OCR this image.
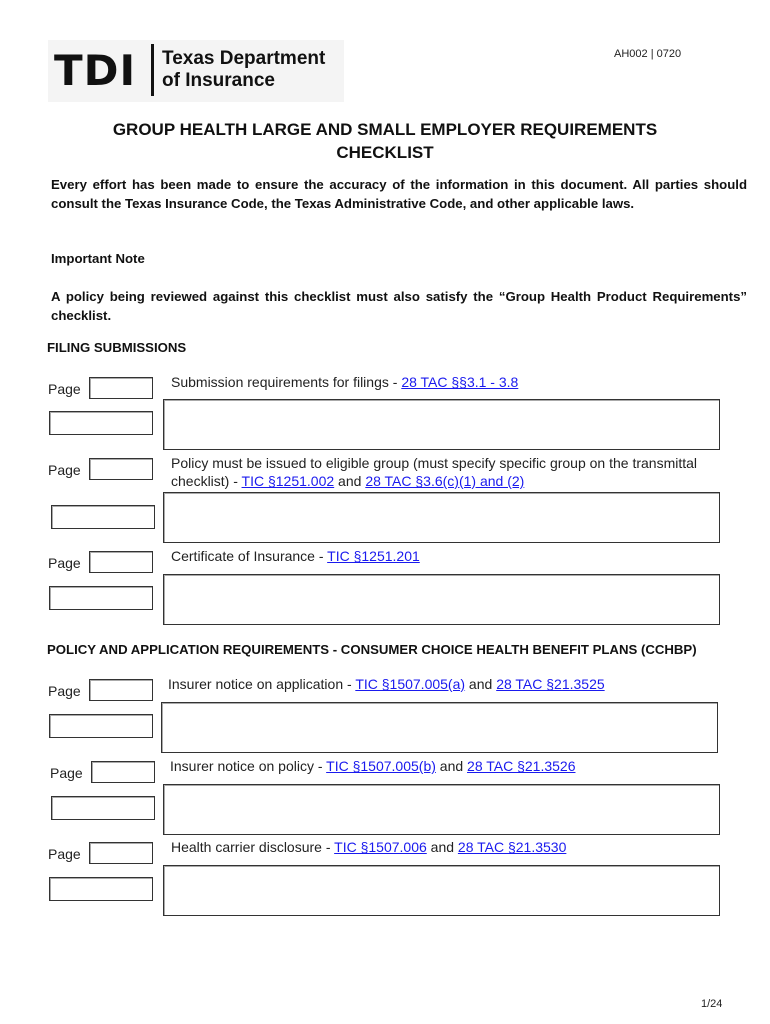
TDI Texas Department
of Insurance
AH002 | 0720
GROUP HEALTH LARGE AND SMALL EMPLOYER REQUIREMENTS
CHECKLIST
Every effort has been made to ensure the accuracy of the information in this document. All parties should consult the Texas Insurance Code, the Texas Administrative Code, and other applicable laws.
Important Note
A policy being reviewed against this checklist must also satisfy the “Group Health Product Requirements” checklist.
FILING SUBMISSIONS
Page	Submission requirements for filings - 28 TAC §§3.1 - 3.8
Page	Policy must be issued to eligible group (must specify specific group on the transmittal checklist) - TIC §1251.002 and 28 TAC §3.6(c)(1) and (2)
Page	Certificate of Insurance - TIC §1251.201
POLICY AND APPLICATION REQUIREMENTS - CONSUMER CHOICE HEALTH BENEFIT PLANS (CCHBP)
Page	Insurer notice on application - TIC §1507.005(a) and 28 TAC §21.3525
Page	Insurer notice on policy - TIC §1507.005(b) and 28 TAC §21.3526
Page	Health carrier disclosure - TIC §1507.006 and 28 TAC §21.3530
1/24
